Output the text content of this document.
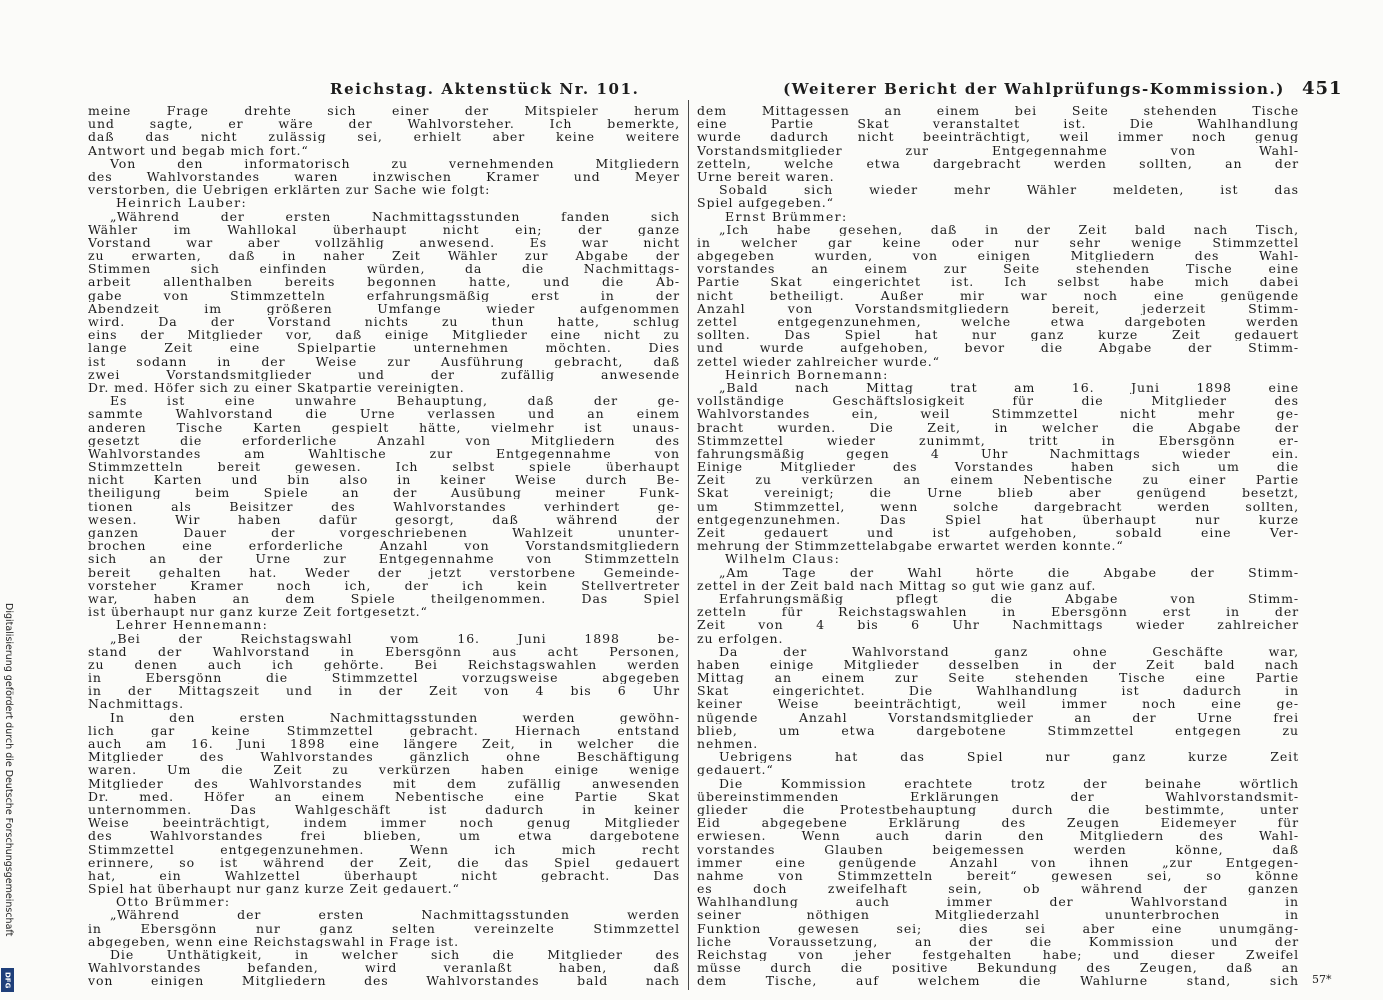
Reichstag. Aktenstück Nr. 101.	(Weiterer Bericht der Wahlprüfungs-Kommission.) 451
meine Frage drehte sich einer der Mitspieler herum
und sagte, er wäre der Wahlvorsteher. Ich bemerkte,
daß das nicht zulässig sei, erhielt aber keine weitere
Antwort und begab mich fort.“
Von den informatorisch zu vernehmenden Mitgliedern
des Wahlvorstandes waren inzwischen Kramer und Meyer
verstorben, die Uebrigen erklärten zur Sache wie folgt:
Heinrich Lauber:
„Während der ersten Nachmittagsstunden fanden sich
Wähler im Wahllokal überhaupt nicht ein; der ganze
Vorstand war aber vollzählig anwesend. Es war nicht
zu erwarten, daß in naher Zeit Wähler zur Abgabe der
Stimmen sich einfinden würden, da die Nachmittags-
arbeit allenthalben bereits begonnen hatte, und die Ab-
gabe von Stimmzetteln erfahrungsmäßig erst in der
Abendzeit im größeren Umfange wieder aufgenommen
wird. Da der Vorstand nichts zu thun hatte, schlug
eins der Mitglieder vor, daß einige Mitglieder eine nicht zu
lange Zeit eine Spielpartie unternehmen möchten. Dies
ist sodann in der Weise zur Ausführung gebracht, daß
zwei Vorstandsmitglieder und der zufällig anwesende
Dr. med. Höfer sich zu einer Skatpartie vereinigten.
Es ist eine unwahre Behauptung, daß der ge-
sammte Wahlvorstand die Urne verlassen und an einem
anderen Tische Karten gespielt hätte, vielmehr ist unaus-
gesetzt die erforderliche Anzahl von Mitgliedern des
Wahlvorstandes am Wahltische zur Entgegennahme von
Stimmzetteln bereit gewesen. Ich selbst spiele überhaupt
nicht Karten und bin also in keiner Weise durch Be-
theiligung beim Spiele an der Ausübung meiner Funk-
tionen als Beisitzer des Wahlvorstandes verhindert ge-
wesen. Wir haben dafür gesorgt, daß während der
ganzen Dauer der vorgeschriebenen Wahlzeit ununter-
brochen eine erforderliche Anzahl von Vorstandsmitgliedern
sich an der Urne zur Entgegennahme von Stimmzetteln
bereit gehalten hat. Weder der jetzt verstorbene Gemeinde-
vorsteher Kramer noch ich, der ich kein Stellvertreter
war, haben an dem Spiele theilgenommen. Das Spiel
ist überhaupt nur ganz kurze Zeit fortgesetzt.“
Lehrer Hennemann:
„Bei der Reichstagswahl vom 16. Juni 1898 be-
stand der Wahlvorstand in Ebersgönn aus acht Personen,
zu denen auch ich gehörte. Bei Reichstagswahlen werden
in Ebersgönn die Stimmzettel vorzugsweise abgegeben
in der Mittagszeit und in der Zeit von 4 bis 6 Uhr
Nachmittags.
In den ersten Nachmittagsstunden werden gewöhn-
lich gar keine Stimmzettel gebracht. Hiernach entstand
auch am 16. Juni 1898 eine längere Zeit, in welcher die
Mitglieder des Wahlvorstandes gänzlich ohne Beschäftigung
waren. Um die Zeit zu verkürzen haben einige wenige
Mitglieder des Wahlvorstandes mit dem zufällig anwesenden
Dr. med. Höfer an einem Nebentische eine Partie Skat
unternommen. Das Wahlgeschäft ist dadurch in keiner
Weise beeinträchtigt, indem immer noch genug Mitglieder
des Wahlvorstandes frei blieben, um etwa dargebotene
Stimmzettel entgegenzunehmen. Wenn ich mich recht
erinnere, so ist während der Zeit, die das Spiel gedauert
hat, ein Wahlzettel überhaupt nicht gebracht. Das
Spiel hat überhaupt nur ganz kurze Zeit gedauert.“
Otto Brümmer:
„Während der ersten Nachmittagsstunden werden
in Ebersgönn nur ganz selten vereinzelte Stimmzettel
abgegeben, wenn eine Reichstagswahl in Frage ist.
Die Unthätigkeit, in welcher sich die Mitglieder des
Wahlvorstandes befanden, wird veranlaßt haben, daß
von einigen Mitgliedern des Wahlvorstandes bald nach
dem Mittagessen an einem bei Seite stehenden Tische
eine Partie Skat veranstaltet ist. Die Wahlhandlung
wurde dadurch nicht beeinträchtigt, weil immer noch genug
Vorstandsmitglieder zur Entgegennahme von Wahl-
zetteln, welche etwa dargebracht werden sollten, an der
Urne bereit waren.
Sobald sich wieder mehr Wähler meldeten, ist das
Spiel aufgegeben.“
Ernst Brümmer:
„Ich habe gesehen, daß in der Zeit bald nach Tisch,
in welcher gar keine oder nur sehr wenige Stimmzettel
abgegeben wurden, von einigen Mitgliedern des Wahl-
vorstandes an einem zur Seite stehenden Tische eine
Partie Skat eingerichtet ist. Ich selbst habe mich dabei
nicht betheiligt. Außer mir war noch eine genügende
Anzahl von Vorstandsmitgliedern bereit, jederzeit Stimm-
zettel entgegenzunehmen, welche etwa dargeboten werden
sollten. Das Spiel hat nur ganz kurze Zeit gedauert
und wurde aufgehoben, bevor die Abgabe der Stimm-
zettel wieder zahlreicher wurde.“
Heinrich Bornemann:
„Bald nach Mittag trat am 16. Juni 1898 eine
vollständige Geschäftslosigkeit für die Mitglieder des
Wahlvorstandes ein, weil Stimmzettel nicht mehr ge-
bracht wurden. Die Zeit, in welcher die Abgabe der
Stimmzettel wieder zunimmt, tritt in Ebersgönn er-
fahrungsmäßig gegen 4 Uhr Nachmittags wieder ein.
Einige Mitglieder des Vorstandes haben sich um die
Zeit zu verkürzen an einem Nebentische zu einer Partie
Skat vereinigt; die Urne blieb aber genügend besetzt,
um Stimmzettel, wenn solche dargebracht werden sollten,
entgegenzunehmen. Das Spiel hat überhaupt nur kurze
Zeit gedauert und ist aufgehoben, sobald eine Ver-
mehrung der Stimmzettelabgabe erwartet werden konnte.“
Wilhelm Claus:
„Am Tage der Wahl hörte die Abgabe der Stimm-
zettel in der Zeit bald nach Mittag so gut wie ganz auf.
Erfahrungsmäßig pflegt die Abgabe von Stimm-
zetteln für Reichstagswahlen in Ebersgönn erst in der
Zeit von 4 bis 6 Uhr Nachmittags wieder zahlreicher
zu erfolgen.
Da der Wahlvorstand ganz ohne Geschäfte war,
haben einige Mitglieder desselben in der Zeit bald nach
Mittag an einem zur Seite stehenden Tische eine Partie
Skat eingerichtet. Die Wahlhandlung ist dadurch in
keiner Weise beeinträchtigt, weil immer noch eine ge-
nügende Anzahl Vorstandsmitglieder an der Urne frei
blieb, um etwa dargebotene Stimmzettel entgegen zu
nehmen.
Uebrigens hat das Spiel nur ganz kurze Zeit
gedauert.“
Die Kommission erachtete trotz der beinahe wörtlich
übereinstimmenden Erklärungen der Wahlvorstandsmit-
glieder die Protestbehauptung durch die bestimmte, unter
Eid abgegebene Erklärung des Zeugen Eidemeyer für
erwiesen. Wenn auch darin den Mitgliedern des Wahl-
vorstandes Glauben beigemessen werden könne, daß
immer eine genügende Anzahl von ihnen „zur Entgegen-
nahme von Stimmzetteln bereit“ gewesen sei, so könne
es doch zweifelhaft sein, ob während der ganzen
Wahlhandlung auch immer der Wahlvorstand in
seiner nöthigen Mitgliederzahl ununterbrochen in
Funktion gewesen sei; dies sei aber eine unumgäng-
liche Voraussetzung, an der die Kommission und der
Reichstag von jeher festgehalten habe; und dieser Zweifel
müsse durch die positive Bekundung des Zeugen, daß an
dem Tische, auf welchem die Wahlurne stand, sich 57*
Digitalisierung gefördert durch die Deutsche Forschungsgemeinschaft
DFG
